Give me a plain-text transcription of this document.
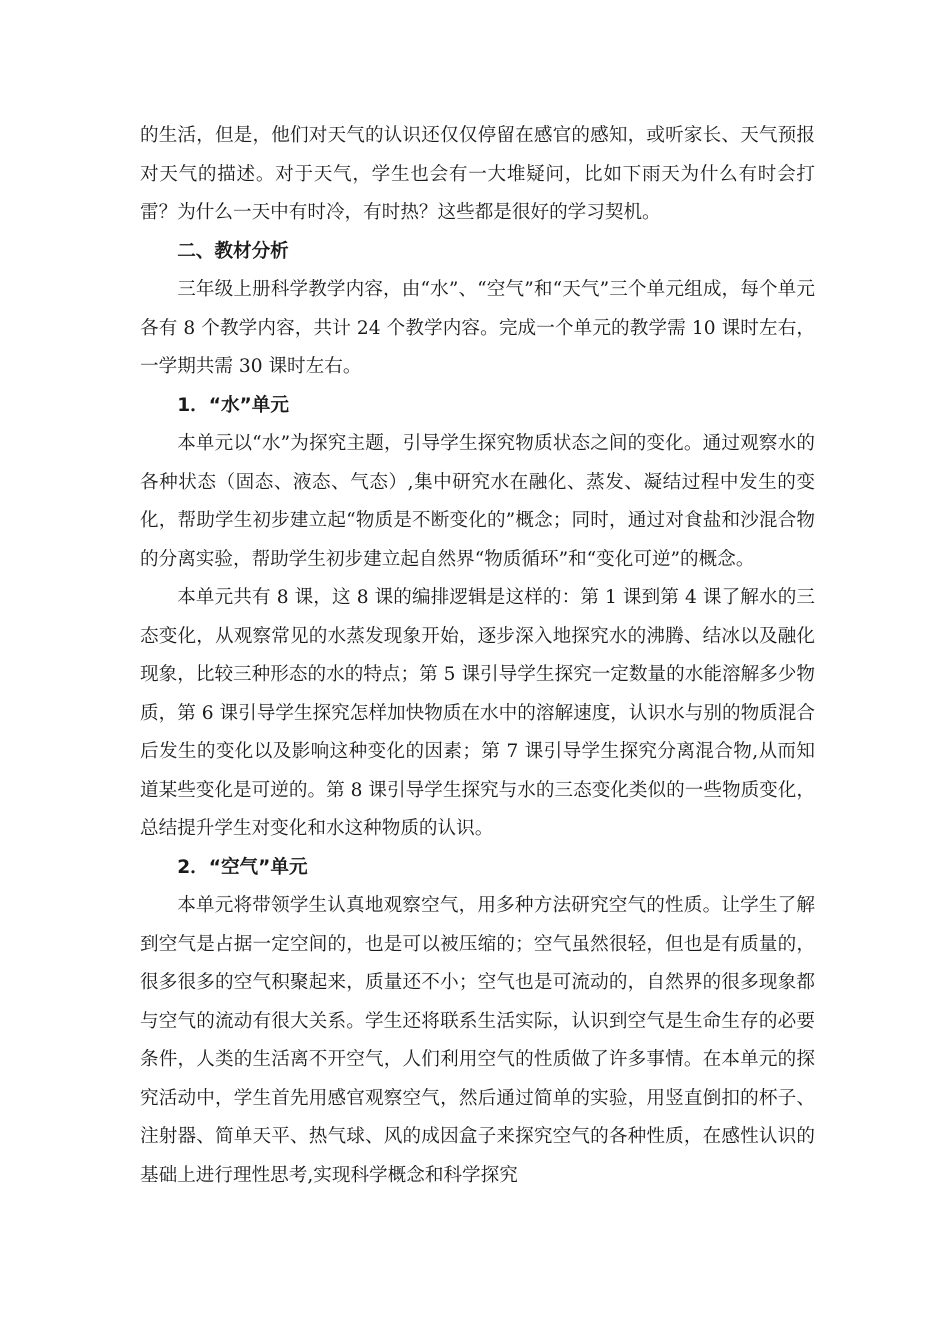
的生活，但是，他们对天气的认识还仅仅停留在感官的感知，或听家长、天气预报对天气的描述。对于天气，学生也会有一大堆疑问，比如下雨天为什么有时会打雷？为什么一天中有时冷，有时热？这些都是很好的学习契机。

二、教材分析

三年级上册科学教学内容，由“水”、“空气”和“天气”三个单元组成，每个单元各有 8 个教学内容，共计 24 个教学内容。完成一个单元的教学需 10 课时左右，一学期共需 30 课时左右。

1．“水”单元

本单元以“水”为探究主题，引导学生探究物质状态之间的变化。通过观察水的各种状态（固态、液态、气态）,集中研究水在融化、蒸发、凝结过程中发生的变化，帮助学生初步建立起“物质是不断变化的”概念；同时，通过对食盐和沙混合物的分离实验，帮助学生初步建立起自然界“物质循环”和“变化可逆”的概念。

本单元共有 8 课，这 8 课的编排逻辑是这样的：第 1 课到第 4 课了解水的三态变化，从观察常见的水蒸发现象开始，逐步深入地探究水的沸腾、结冰以及融化现象，比较三种形态的水的特点；第 5 课引导学生探究一定数量的水能溶解多少物质，第 6 课引导学生探究怎样加快物质在水中的溶解速度，认识水与别的物质混合后发生的变化以及影响这种变化的因素；第 7 课引导学生探究分离混合物,从而知道某些变化是可逆的。第 8 课引导学生探究与水的三态变化类似的一些物质变化，总结提升学生对变化和水这种物质的认识。

2．“空气”单元

本单元将带领学生认真地观察空气，用多种方法研究空气的性质。让学生了解到空气是占据一定空间的，也是可以被压缩的；空气虽然很轻，但也是有质量的，很多很多的空气积聚起来，质量还不小；空气也是可流动的，自然界的很多现象都与空气的流动有很大关系。学生还将联系生活实际，认识到空气是生命生存的必要条件，人类的生活离不开空气，人们利用空气的性质做了许多事情。在本单元的探究活动中，学生首先用感官观察空气，然后通过简单的实验，用竖直倒扣的杯子、注射器、简单天平、热气球、风的成因盒子来探究空气的各种性质，在感性认识的基础上进行理性思考,实现科学概念和科学探究
